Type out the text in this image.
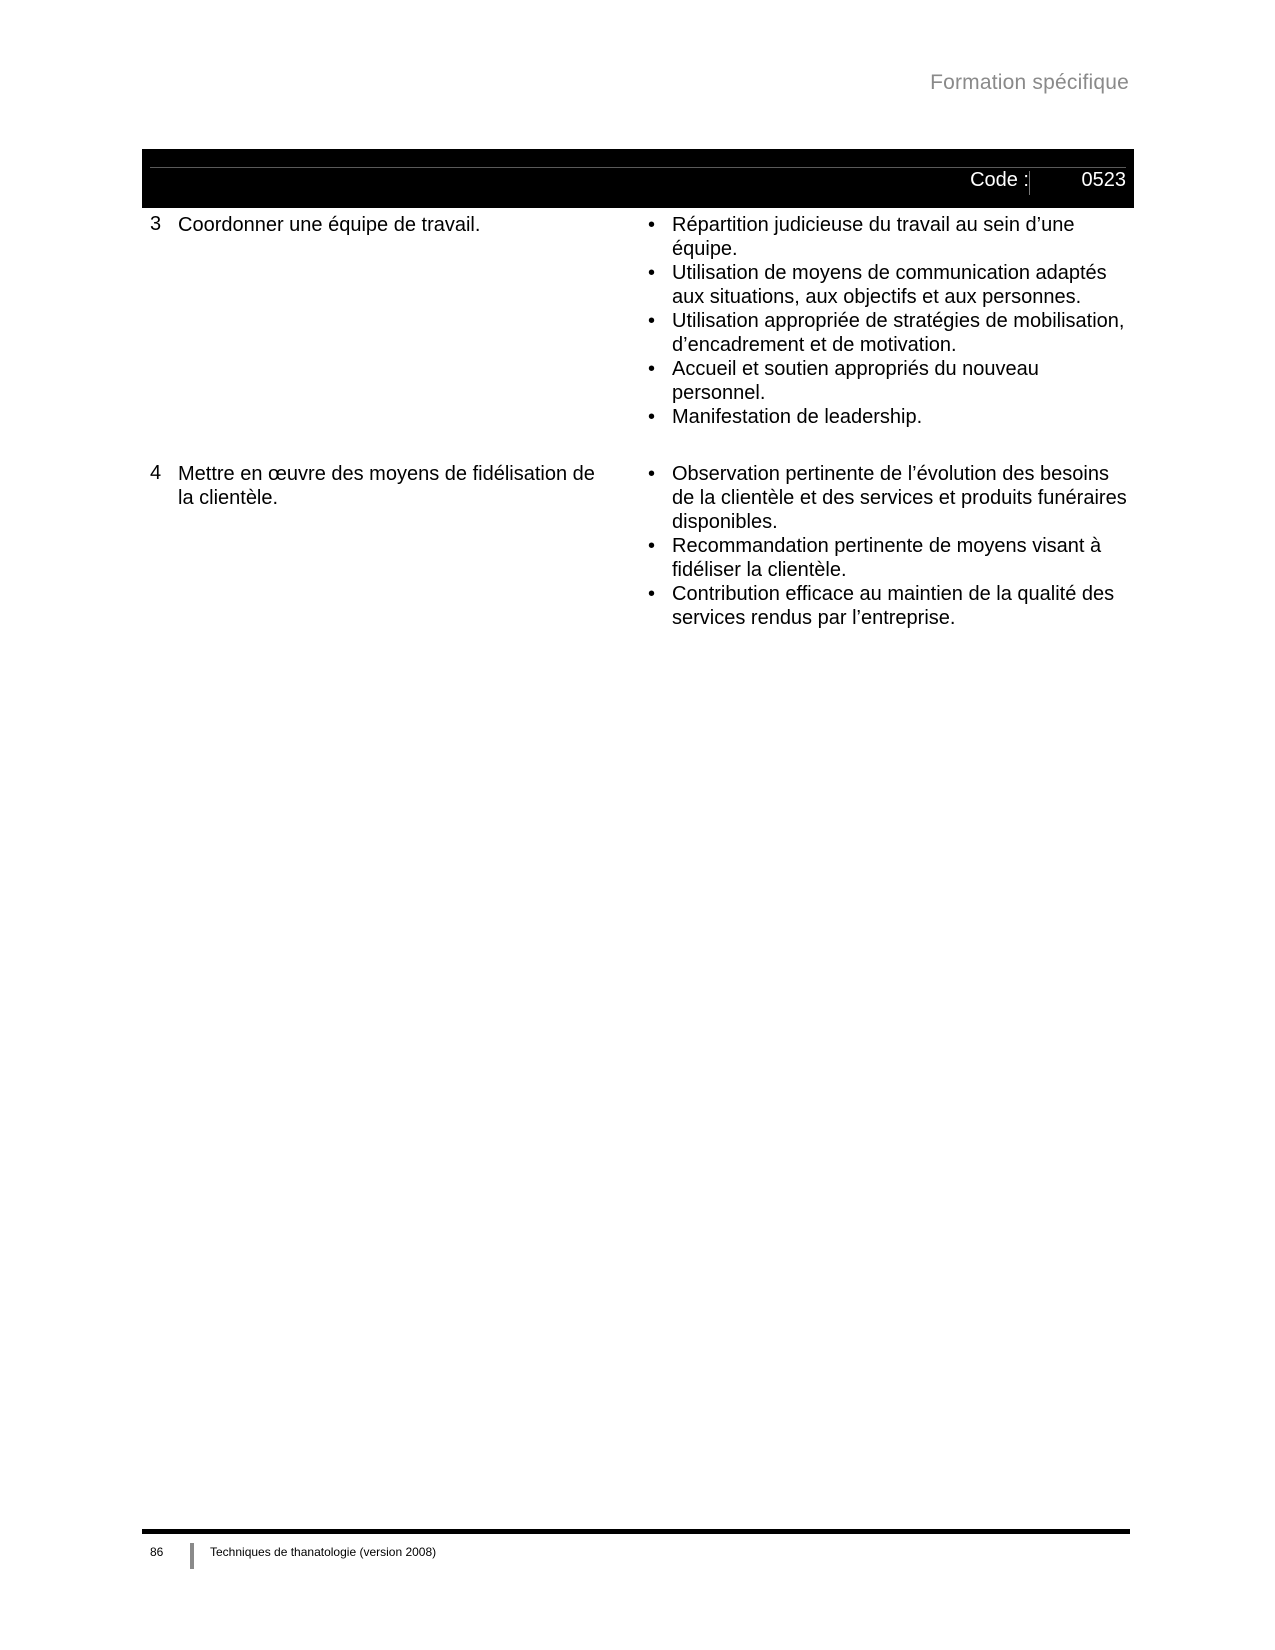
Formation spécifique
Code :	0523
3 Coordonner une équipe de travail.
•	Répartition judicieuse du travail au sein d’une équipe.
• Utilisation de moyens de communication adaptés aux situations, aux objectifs et aux personnes.
• Utilisation appropriée de stratégies de mobilisation, d’encadrement et de motivation.
• Accueil et soutien appropriés du nouveau personnel.
• Manifestation de leadership.
4 Mettre en œuvre des moyens de fidélisation de la clientèle.
• Observation pertinente de l’évolution des besoins de la clientèle et des services et produits funéraires disponibles.
• Recommandation pertinente de moyens visant à fidéliser la clientèle.
• Contribution efficace au maintien de la qualité des services rendus par l’entreprise.
86	Techniques de thanatologie (version 2008)
